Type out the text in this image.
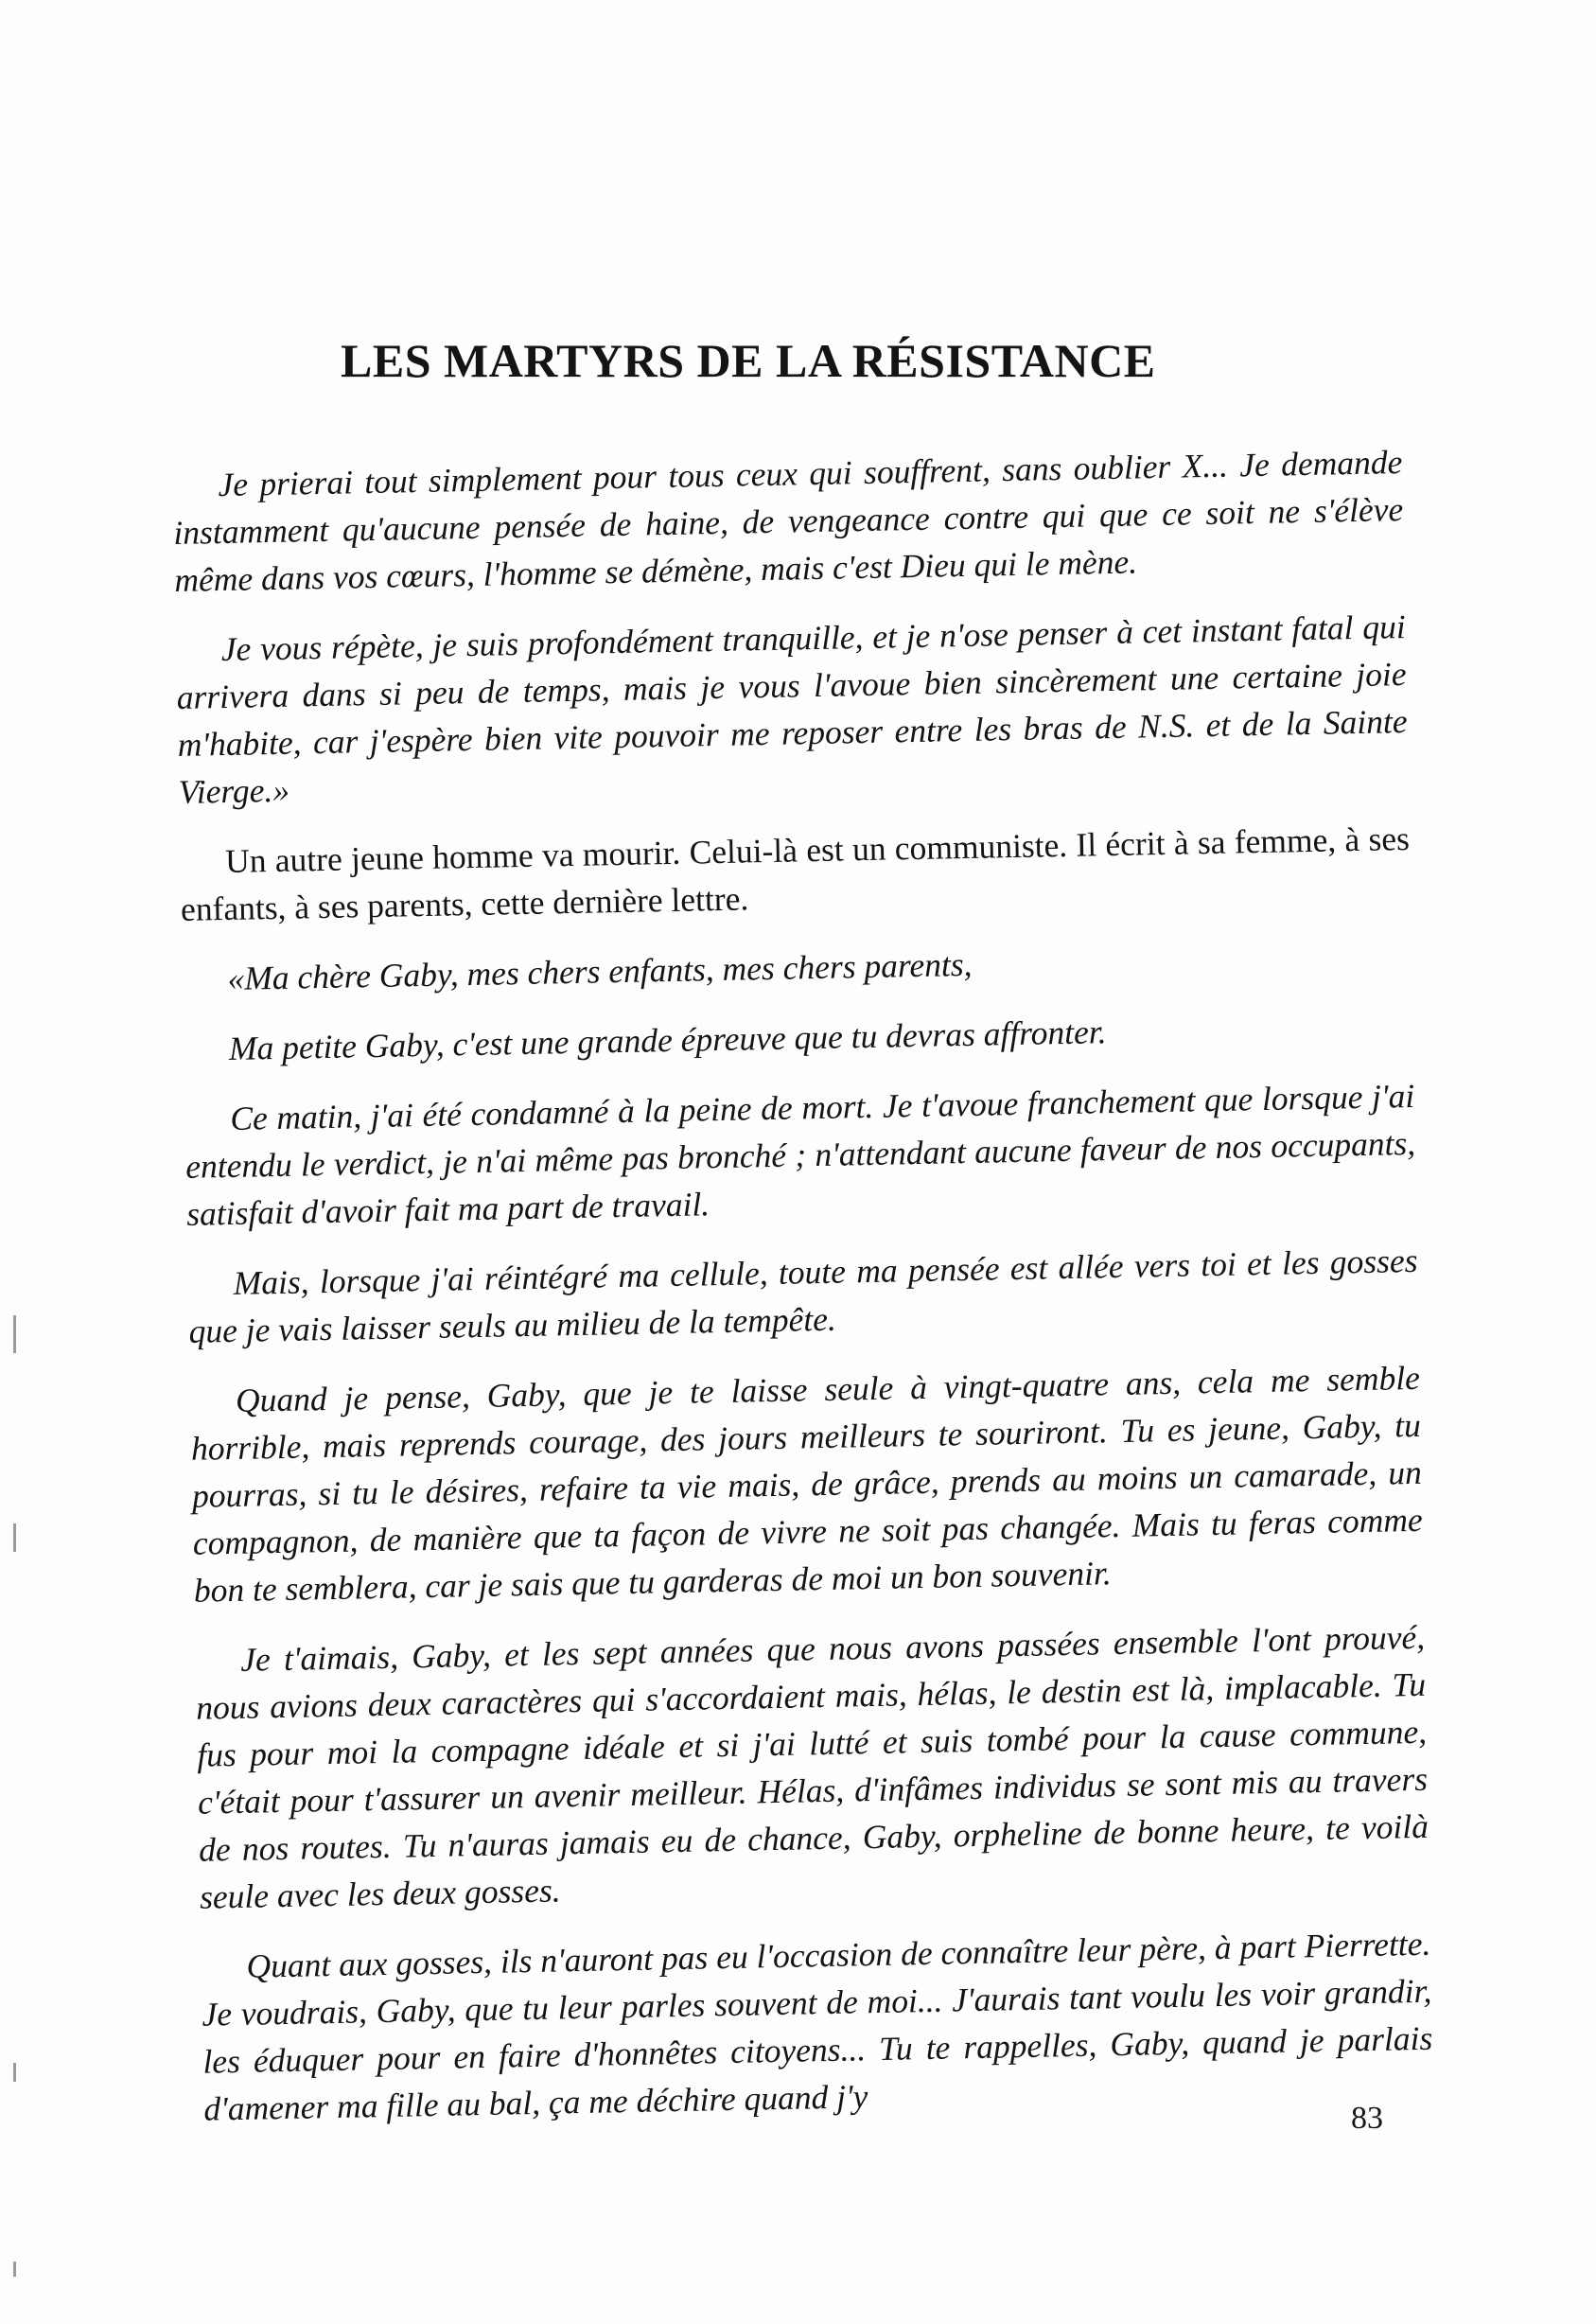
LES MARTYRS DE LA RÉSISTANCE

Je prierai tout simplement pour tous ceux qui souffrent, sans oublier X... Je demande instamment qu'aucune pensée de haine, de vengeance contre qui que ce soit ne s'élève même dans vos cœurs, l'homme se démène, mais c'est Dieu qui le mène.

Je vous répète, je suis profondément tranquille, et je n'ose penser à cet instant fatal qui arrivera dans si peu de temps, mais je vous l'avoue bien sincèrement une certaine joie m'habite, car j'espère bien vite pouvoir me reposer entre les bras de N.S. et de la Sainte Vierge.»

Un autre jeune homme va mourir. Celui-là est un communiste. Il écrit à sa femme, à ses enfants, à ses parents, cette dernière lettre.

«Ma chère Gaby, mes chers enfants, mes chers parents,

Ma petite Gaby, c'est une grande épreuve que tu devras affronter.

Ce matin, j'ai été condamné à la peine de mort. Je t'avoue franchement que lorsque j'ai entendu le verdict, je n'ai même pas bronché ; n'attendant aucune faveur de nos occupants, satisfait d'avoir fait ma part de travail.

Mais, lorsque j'ai réintégré ma cellule, toute ma pensée est allée vers toi et les gosses que je vais laisser seuls au milieu de la tempête.

Quand je pense, Gaby, que je te laisse seule à vingt-quatre ans, cela me semble horrible, mais reprends courage, des jours meilleurs te souriront. Tu es jeune, Gaby, tu pourras, si tu le désires, refaire ta vie mais, de grâce, prends au moins un camarade, un compagnon, de manière que ta façon de vivre ne soit pas changée. Mais tu feras comme bon te semblera, car je sais que tu garderas de moi un bon souvenir.

Je t'aimais, Gaby, et les sept années que nous avons passées ensemble l'ont prouvé, nous avions deux caractères qui s'accordaient mais, hélas, le destin est là, implacable. Tu fus pour moi la compagne idéale et si j'ai lutté et suis tombé pour la cause commune, c'était pour t'assurer un avenir meilleur. Hélas, d'infâmes individus se sont mis au travers de nos routes. Tu n'auras jamais eu de chance, Gaby, orpheline de bonne heure, te voilà seule avec les deux gosses.

Quant aux gosses, ils n'auront pas eu l'occasion de connaître leur père, à part Pierrette. Je voudrais, Gaby, que tu leur parles souvent de moi... J'aurais tant voulu les voir grandir, les éduquer pour en faire d'honnêtes citoyens... Tu te rappelles, Gaby, quand je parlais d'amener ma fille au bal, ça me déchire quand j'y	83
